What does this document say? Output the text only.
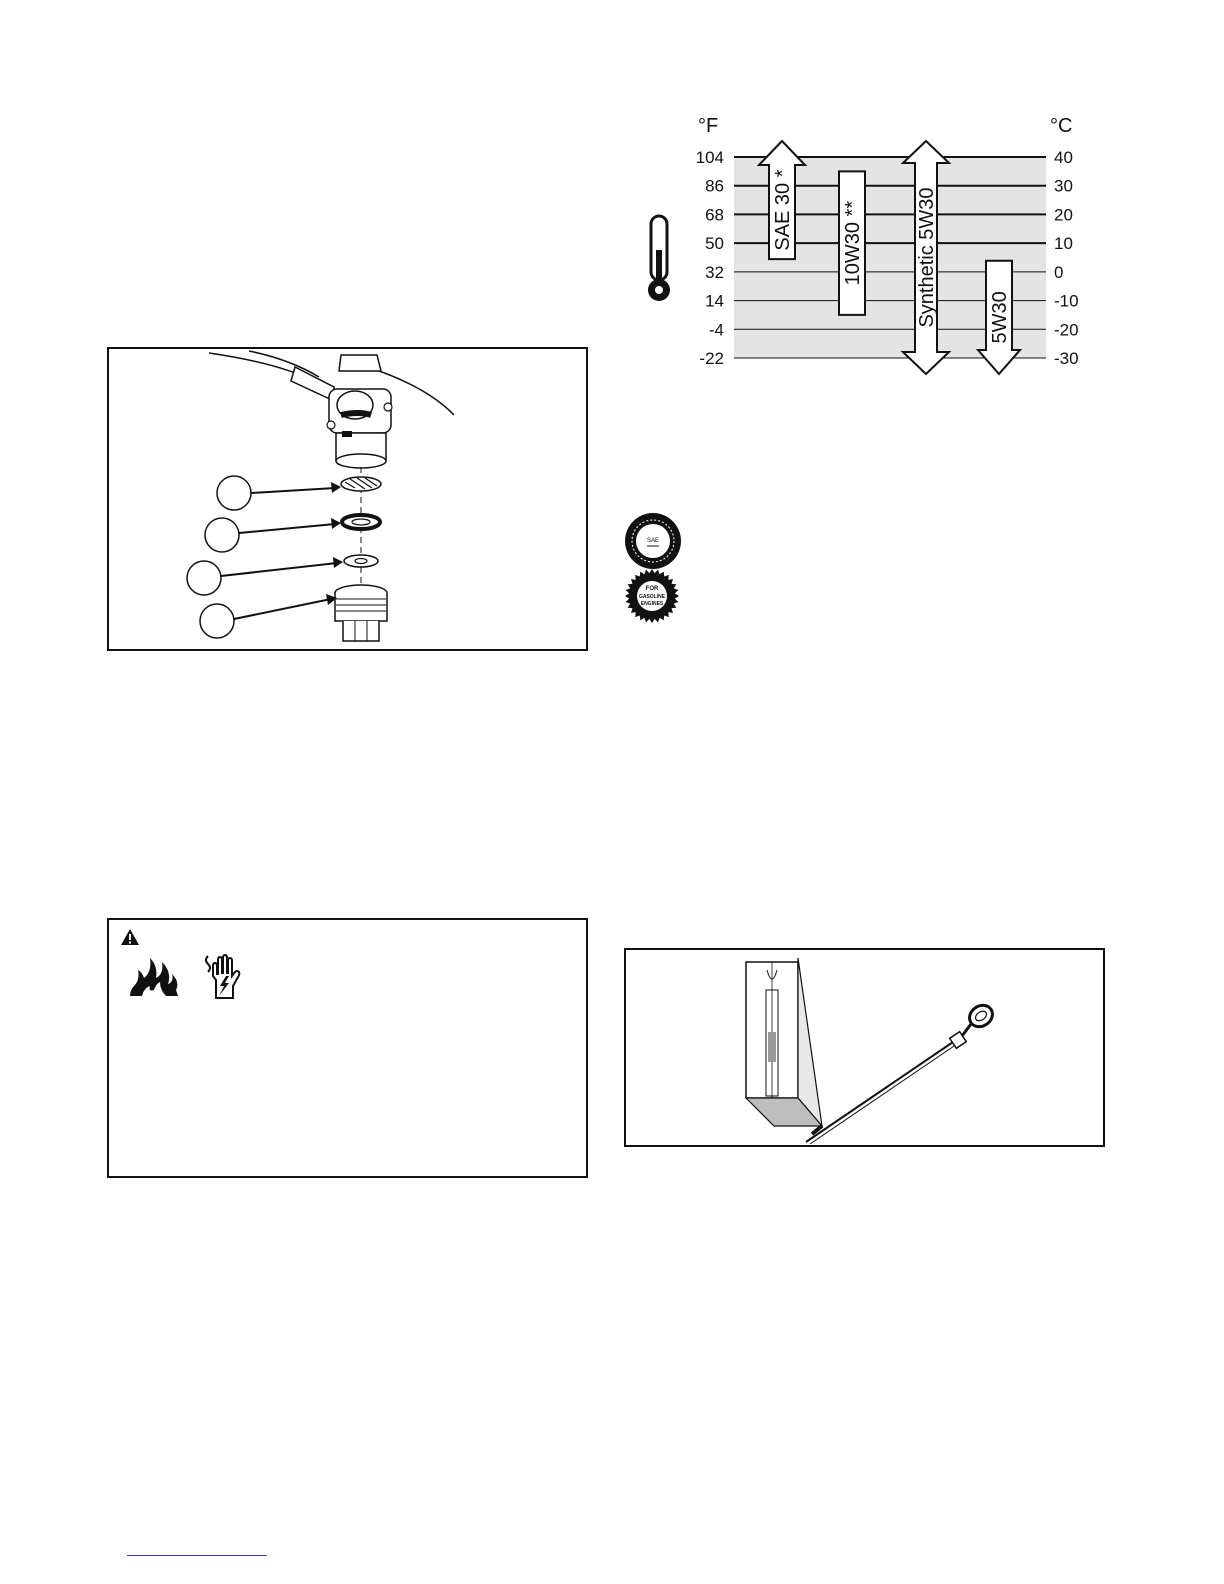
°F	°C
104
86
68
50
32
14
-4
-22
40
30
20
10
0
-10
-20
-30
SAE 30 * 10W30 **	Synthetic 5W30	5W30
SAE
FOR
GASOLINE
ENGINES
